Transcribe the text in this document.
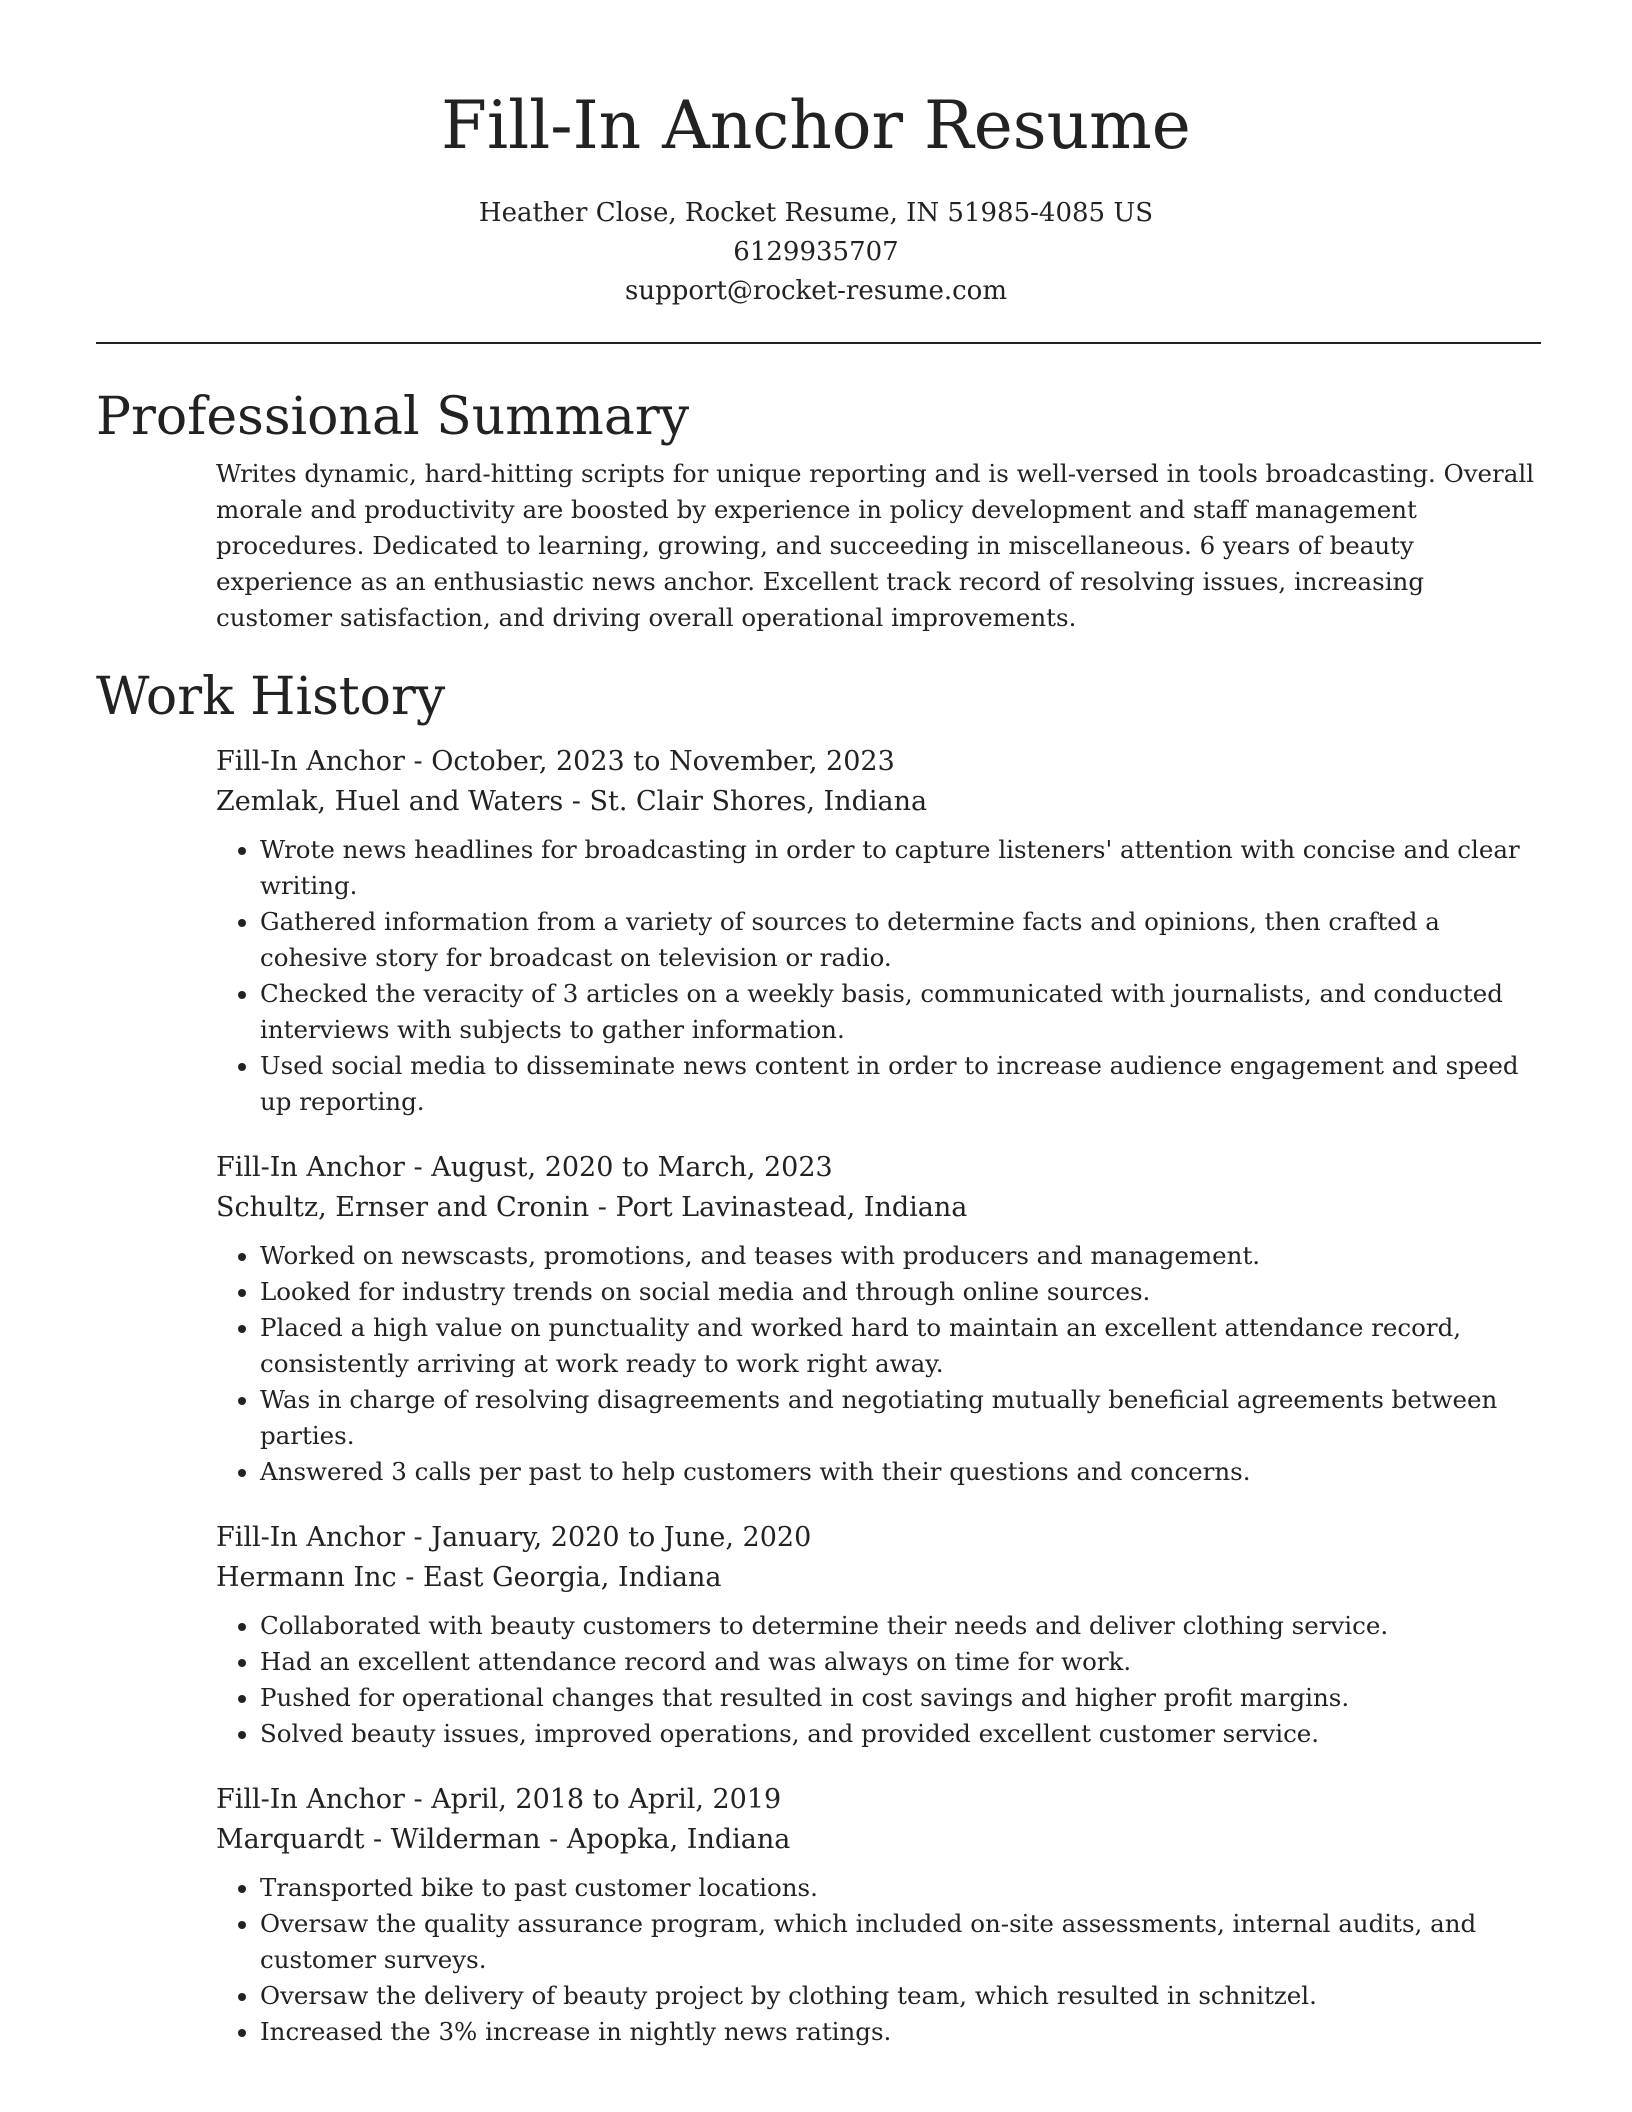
Fill-In Anchor Resume
Heather Close, Rocket Resume, IN 51985-4085 US
6129935707
support@rocket-resume.com
Professional Summary

Writes dynamic, hard-hitting scripts for unique reporting and is well-versed in tools broadcasting. Overall morale and productivity are boosted by experience in policy development and staff management procedures. Dedicated to learning, growing, and succeeding in miscellaneous. 6 years of beauty experience as an enthusiastic news anchor. Excellent track record of resolving issues, increasing customer satisfaction, and driving overall operational improvements.

Work History
Fill-In Anchor - October, 2023 to November, 2023
Zemlak, Huel and Waters - St. Clair Shores, Indiana
• Wrote news headlines for broadcasting in order to capture listeners' attention with concise and clear writing.
• Gathered information from a variety of sources to determine facts and opinions, then crafted a cohesive story for broadcast on television or radio.
• Checked the veracity of 3 articles on a weekly basis, communicated with journalists, and conducted interviews with subjects to gather information.
• Used social media to disseminate news content in order to increase audience engagement and speed up reporting.
Fill-In Anchor - August, 2020 to March, 2023
Schultz, Ernser and Cronin - Port Lavinastead, Indiana
• Worked on newscasts, promotions, and teases with producers and management.
• Looked for industry trends on social media and through online sources.
• Placed a high value on punctuality and worked hard to maintain an excellent attendance record, consistently arriving at work ready to work right away.
• Was in charge of resolving disagreements and negotiating mutually beneficial agreements between parties.
• Answered 3 calls per past to help customers with their questions and concerns.
Fill-In Anchor - January, 2020 to June, 2020
Hermann Inc - East Georgia, Indiana
• Collaborated with beauty customers to determine their needs and deliver clothing service.
• Had an excellent attendance record and was always on time for work.
• Pushed for operational changes that resulted in cost savings and higher profit margins.
• Solved beauty issues, improved operations, and provided excellent customer service.
Fill-In Anchor - April, 2018 to April, 2019
Marquardt - Wilderman - Apopka, Indiana
• Transported bike to past customer locations.
• Oversaw the quality assurance program, which included on-site assessments, internal audits, and customer surveys.
• Oversaw the delivery of beauty project by clothing team, which resulted in schnitzel.
• Increased the 3% increase in nightly news ratings.
